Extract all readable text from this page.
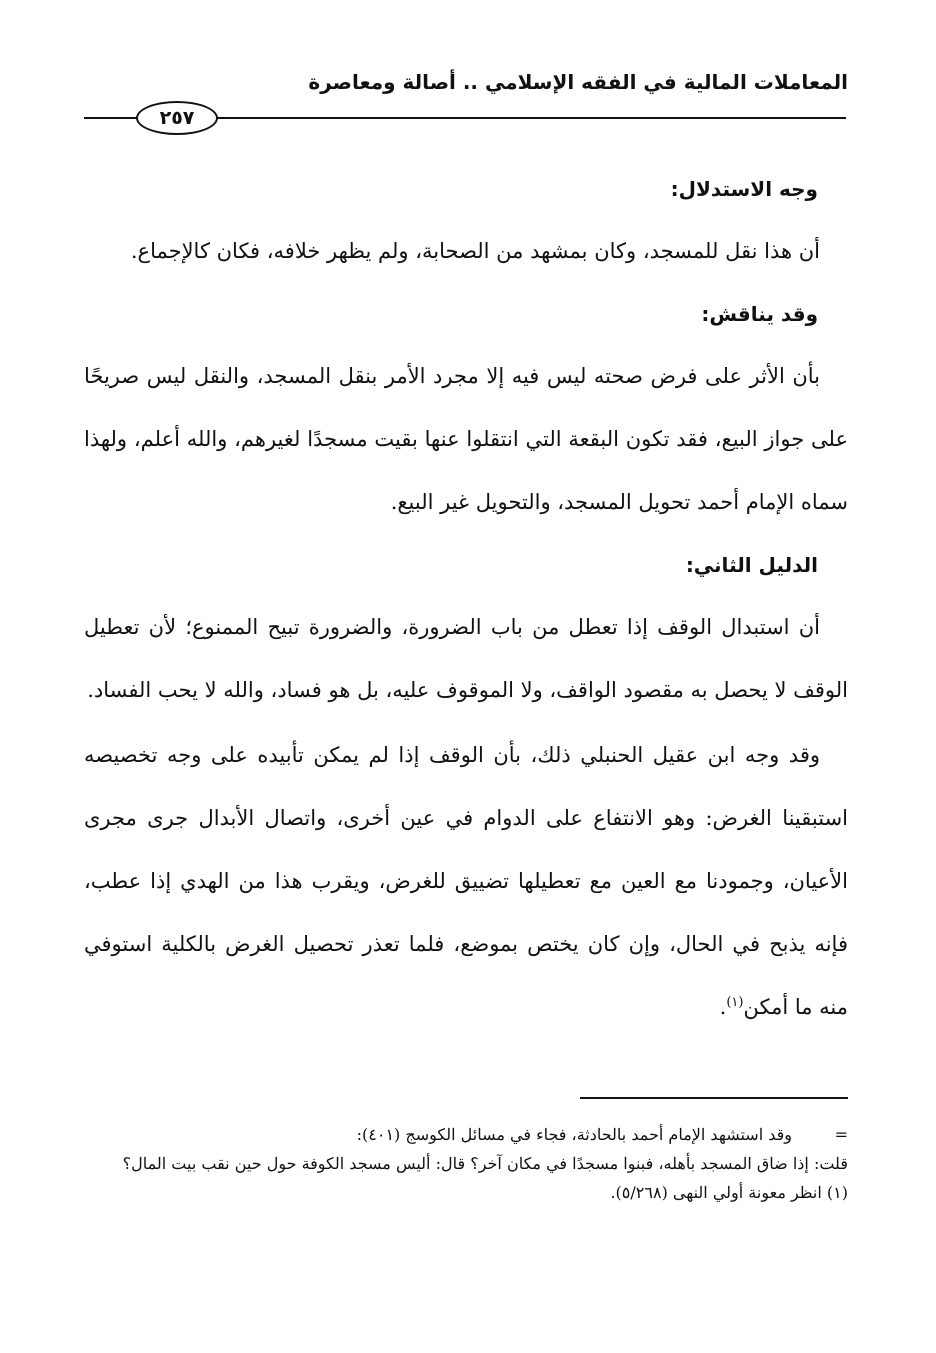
المعاملات المالية في الفقه الإسلامي .. أصالة ومعاصرة
٢٥٧

وجه الاستدلال:

أن هذا نقل للمسجد، وكان بمشهد من الصحابة، ولم يظهر خلافه، فكان كالإجماع.

وقد يناقش:

بأن الأثر على فرض صحته ليس فيه إلا مجرد الأمر بنقل المسجد، والنقل ليس صريحًا على جواز البيع، فقد تكون البقعة التي انتقلوا عنها بقيت مسجدًا لغيرهم، والله أعلم، ولهذا سماه الإمام أحمد تحويل المسجد، والتحويل غير البيع.

الدليل الثاني:

أن استبدال الوقف إذا تعطل من باب الضرورة، والضرورة تبيح الممنوع؛ لأن تعطيل الوقف لا يحصل به مقصود الواقف، ولا الموقوف عليه، بل هو فساد، والله لا يحب الفساد.

وقد وجه ابن عقيل الحنبلي ذلك، بأن الوقف إذا لم يمكن تأبيده على وجه تخصيصه استبقينا الغرض: وهو الانتفاع على الدوام في عين أخرى، واتصال الأبدال جرى مجرى الأعيان، وجمودنا مع العين مع تعطيلها تضييق للغرض، ويقرب هذا من الهدي إذا عطب، فإنه يذبح في الحال، وإن كان يختص بموضع، فلما تعذر تحصيل الغرض بالكلية استوفي منه ما أمكن$^{(١)}$.

=وقد استشهد الإمام أحمد بالحادثة، فجاء في مسائل الكوسج (٤٠١):

قلت: إذا ضاق المسجد بأهله، فبنوا مسجدًا في مكان آخر؟ قال: أليس مسجد الكوفة حول حين نقب بيت المال؟

(١) انظر معونة أولي النهى (٥/٢٦٨).
